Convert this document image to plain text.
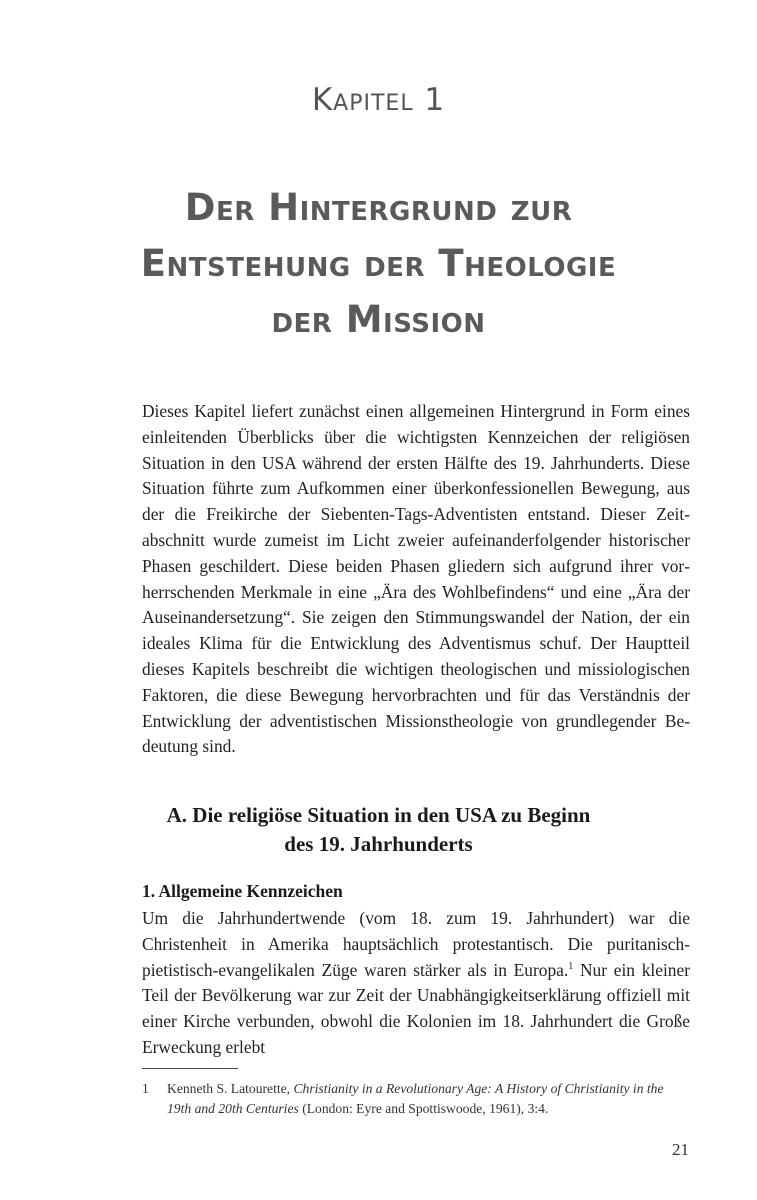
Kapitel 1
Der Hintergrund zur
Entstehung der Theologie
der Mission

Dieses Kapitel liefert zunächst einen allgemeinen Hintergrund in Form eines einleitenden Überblicks über die wichtigsten Kennzeichen der religiösen Situation in den USA während der ersten Hälfte des 19. Jahrhunderts. Diese Situation führte zum Aufkommen einer überkonfessionellen Bewegung, aus der die Freikirche der Siebenten-Tags-Adventisten entstand. Dieser Zeitabschnitt wurde zumeist im Licht zweier aufeinanderfolgender historischer Phasen geschildert. Diese beiden Phasen gliedern sich aufgrund ihrer vorherrschenden Merkmale in eine „Ära des Wohlbefindens“ und eine „Ära der Auseinandersetzung“. Sie zeigen den Stimmungswandel der Nation, der ein ideales Klima für die Entwicklung des Adventismus schuf. Der Hauptteil dieses Kapitels beschreibt die wichtigen theologischen und missiologischen Faktoren, die diese Bewegung hervorbrachten und für das Verständnis der Entwicklung der adventistischen Missionstheologie von grundlegender Bedeutung sind.

A. Die religiöse Situation in den USA zu Beginn
des 19. Jahrhunderts
1. Allgemeine Kennzeichen

Um die Jahrhundertwende (vom 18. zum 19. Jahrhundert) war die Christenheit in Amerika hauptsächlich protestantisch. Die puritanisch-pietistisch-evangelikalen Züge waren stärker als in Europa.$^1$ Nur ein kleiner Teil der Bevölkerung war zur Zeit der Unabhängigkeitserklärung offiziell mit einer Kirche verbunden, obwohl die Kolonien im 18. Jahrhundert die Große Erweckung erlebt

1 Kenneth S. Latourette, Christianity in a Revolutionary Age: A History of Christianity in the 19th and 20th Centuries (London: Eyre and Spottiswoode, 1961), 3:4.
21
